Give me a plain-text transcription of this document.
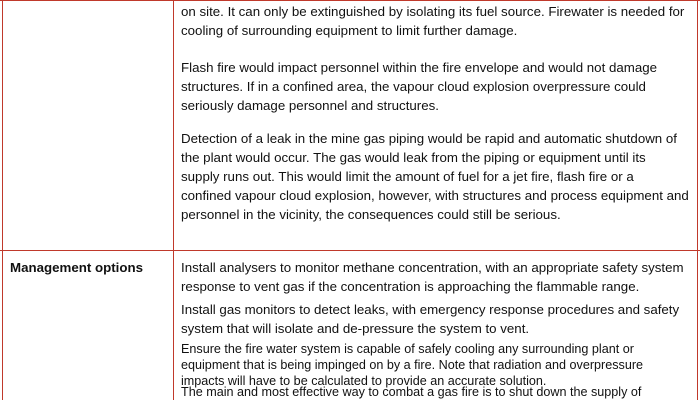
on site. It can only be extinguished by isolating its fuel source. Firewater is needed for

cooling of surrounding equipment to limit further damage.

Flash fire would impact personnel within the fire envelope and would not damage

structures. If in a confined area, the vapour cloud explosion overpressure could

seriously damage personnel and structures.

Detection of a leak in the mine gas piping would be rapid and automatic shutdown of

the plant would occur. The gas would leak from the piping or equipment until its

supply runs out. This would limit the amount of fuel for a jet fire, flash fire or a

confined vapour cloud explosion, however, with structures and process equipment and

personnel in the vicinity, the consequences could still be serious.

Management options	Install analysers to monitor methane concentration, with an appropriate safety system

response to vent gas if the concentration is approaching the flammable range.

Install gas monitors to detect leaks, with emergency response procedures and safety

system that will isolate and de-pressure the system to vent.

Ensure the fire water system is capable of safely cooling any surrounding plant or

equipment that is being impinged on by a fire. Note that radiation and overpressure

impacts will have to be calculated to provide an accurate solution.

The main and most effective way to combat a gas fire is to shut down the supply of
